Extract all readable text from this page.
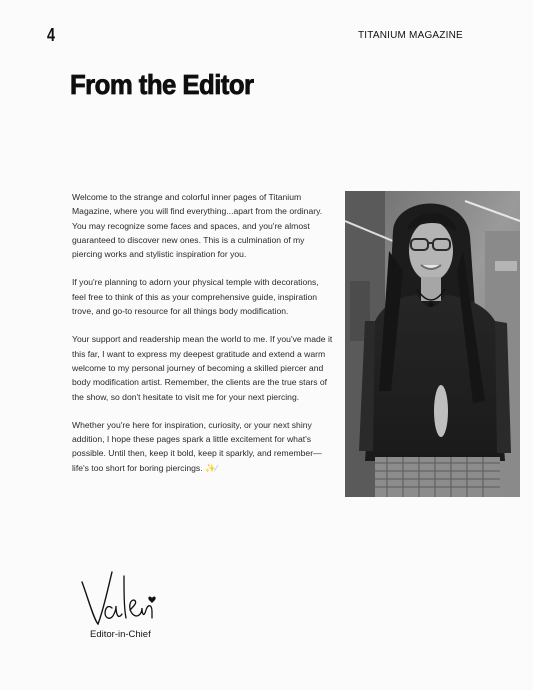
4	TITANIUM MAGAZINE
From the Editor

Welcome to the strange and colorful inner pages of Titanium Magazine, where you will find everything...apart from the ordinary. You may recognize some faces and spaces, and you're almost guaranteed to discover new ones. This is a culmination of my piercing works and stylistic inspiration for you.

If you're planning to adorn your physical temple with decorations, feel free to think of this as your comprehensive guide, inspiration trove, and go-to resource for all things body modification.

Your support and readership mean the world to me. If you've made it this far, I want to express my deepest gratitude and extend a warm welcome to my personal journey of becoming a skilled piercer and body modification artist. Remember, the clients are the true stars of the show, so don't hesitate to visit me for your next piercing.

Whether you're here for inspiration, curiosity, or your next shiny addition, I hope these pages spark a little excitement for what's possible. Until then, keep it bold, keep it sparkly, and remember—life's too short for boring piercings. ✨⁄

Editor-in-Chief
